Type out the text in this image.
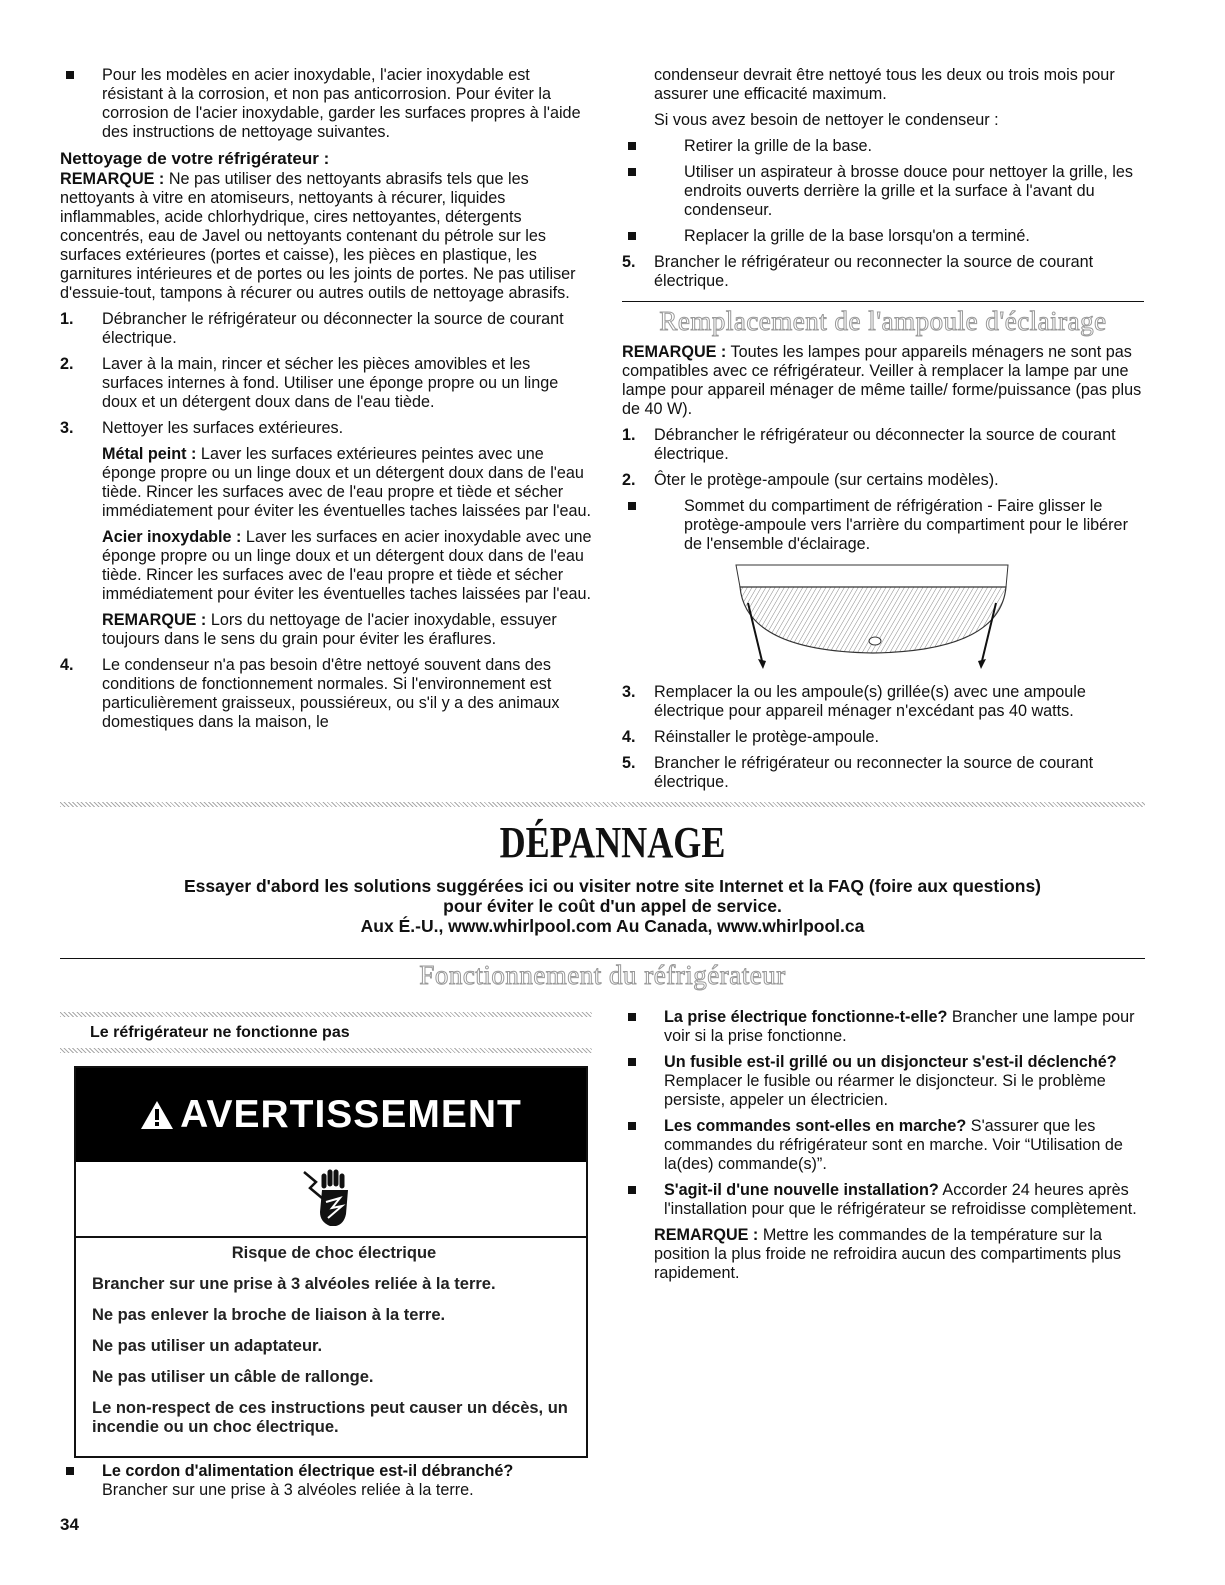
Pour les modèles en acier inoxydable, l'acier inoxydable est résistant à la corrosion, et non pas anticorrosion. Pour éviter la corrosion de l'acier inoxydable, garder les surfaces propres à l'aide des instructions de nettoyage suivantes.

Nettoyage de votre réfrigérateur :

REMARQUE : Ne pas utiliser des nettoyants abrasifs tels que les nettoyants à vitre en atomiseurs, nettoyants à récurer, liquides inflammables, acide chlorhydrique, cires nettoyantes, détergents concentrés, eau de Javel ou nettoyants contenant du pétrole sur les surfaces extérieures (portes et caisse), les pièces en plastique, les garnitures intérieures et de portes ou les joints de portes. Ne pas utiliser d'essuie-tout, tampons à récurer ou autres outils de nettoyage abrasifs.

1. Débrancher le réfrigérateur ou déconnecter la source de courant électrique.
2. Laver à la main, rincer et sécher les pièces amovibles et les surfaces internes à fond. Utiliser une éponge propre ou un linge doux et un détergent doux dans de l'eau tiède.
3. Nettoyer les surfaces extérieures.

Métal peint : Laver les surfaces extérieures peintes avec une éponge propre ou un linge doux et un détergent doux dans de l'eau tiède. Rincer les surfaces avec de l'eau propre et tiède et sécher immédiatement pour éviter les éventuelles taches laissées par l'eau.

Acier inoxydable : Laver les surfaces en acier inoxydable avec une éponge propre ou un linge doux et un détergent doux dans de l'eau tiède. Rincer les surfaces avec de l'eau propre et tiède et sécher immédiatement pour éviter les éventuelles taches laissées par l'eau.

REMARQUE : Lors du nettoyage de l'acier inoxydable, essuyer toujours dans le sens du grain pour éviter les éraflures.

4. Le condenseur n'a pas besoin d'être nettoyé souvent dans des conditions de fonctionnement normales. Si l'environnement est particulièrement graisseux, poussiéreux, ou s'il y a des animaux domestiques dans la maison, le

condenseur devrait être nettoyé tous les deux ou trois mois pour assurer une efficacité maximum.

Si vous avez besoin de nettoyer le condenseur :

Retirer la grille de la base.

Utiliser un aspirateur à brosse douce pour nettoyer la grille, les endroits ouverts derrière la grille et la surface à l'avant du condenseur.

Replacer la grille de la base lorsqu'on a terminé.

5. Brancher le réfrigérateur ou reconnecter la source de courant électrique.
Remplacement de l'ampoule d'éclairage

REMARQUE : Toutes les lampes pour appareils ménagers ne sont pas compatibles avec ce réfrigérateur. Veiller à remplacer la lampe par une lampe pour appareil ménager de même taille/ forme/puissance (pas plus de 40 W).

1. Débrancher le réfrigérateur ou déconnecter la source de courant électrique.
2. Ôter le protège-ampoule (sur certains modèles).

Sommet du compartiment de réfrigération - Faire glisser le protège-ampoule vers l'arrière du compartiment pour le libérer de l'ensemble d'éclairage.

3. Remplacer la ou les ampoule(s) grillée(s) avec une ampoule électrique pour appareil ménager n'excédant pas 40 watts.
4. Réinstaller le protège-ampoule.
5. Brancher le réfrigérateur ou reconnecter la source de courant électrique.
DÉPANNAGE
Essayer d'abord les solutions suggérées ici ou visiter notre site Internet et la FAQ (foire aux questions)
pour éviter le coût d'un appel de service.
Aux É.-U., www.whirlpool.com Au Canada, www.whirlpool.ca
Fonctionnement du réfrigérateur
Le réfrigérateur ne fonctionne pas
AVERTISSEMENT

Risque de choc électrique

Brancher sur une prise à 3 alvéoles reliée à la terre.

Ne pas enlever la broche de liaison à la terre.

Ne pas utiliser un adaptateur.

Ne pas utiliser un câble de rallonge.

Le non-respect de ces instructions peut causer un décès, un incendie ou un choc électrique.

Le cordon d'alimentation électrique est-il débranché?
Brancher sur une prise à 3 alvéoles reliée à la terre.

La prise électrique fonctionne-t-elle? Brancher une lampe pour voir si la prise fonctionne.

Un fusible est-il grillé ou un disjoncteur s'est-il déclenché? Remplacer le fusible ou réarmer le disjoncteur. Si le problème persiste, appeler un électricien.

Les commandes sont-elles en marche? S'assurer que les commandes du réfrigérateur sont en marche. Voir “Utilisation de la(des) commande(s)”.

S'agit-il d'une nouvelle installation? Accorder 24 heures après l'installation pour que le réfrigérateur se refroidisse complètement.

REMARQUE : Mettre les commandes de la température sur la position la plus froide ne refroidira aucun des compartiments plus rapidement.

34
